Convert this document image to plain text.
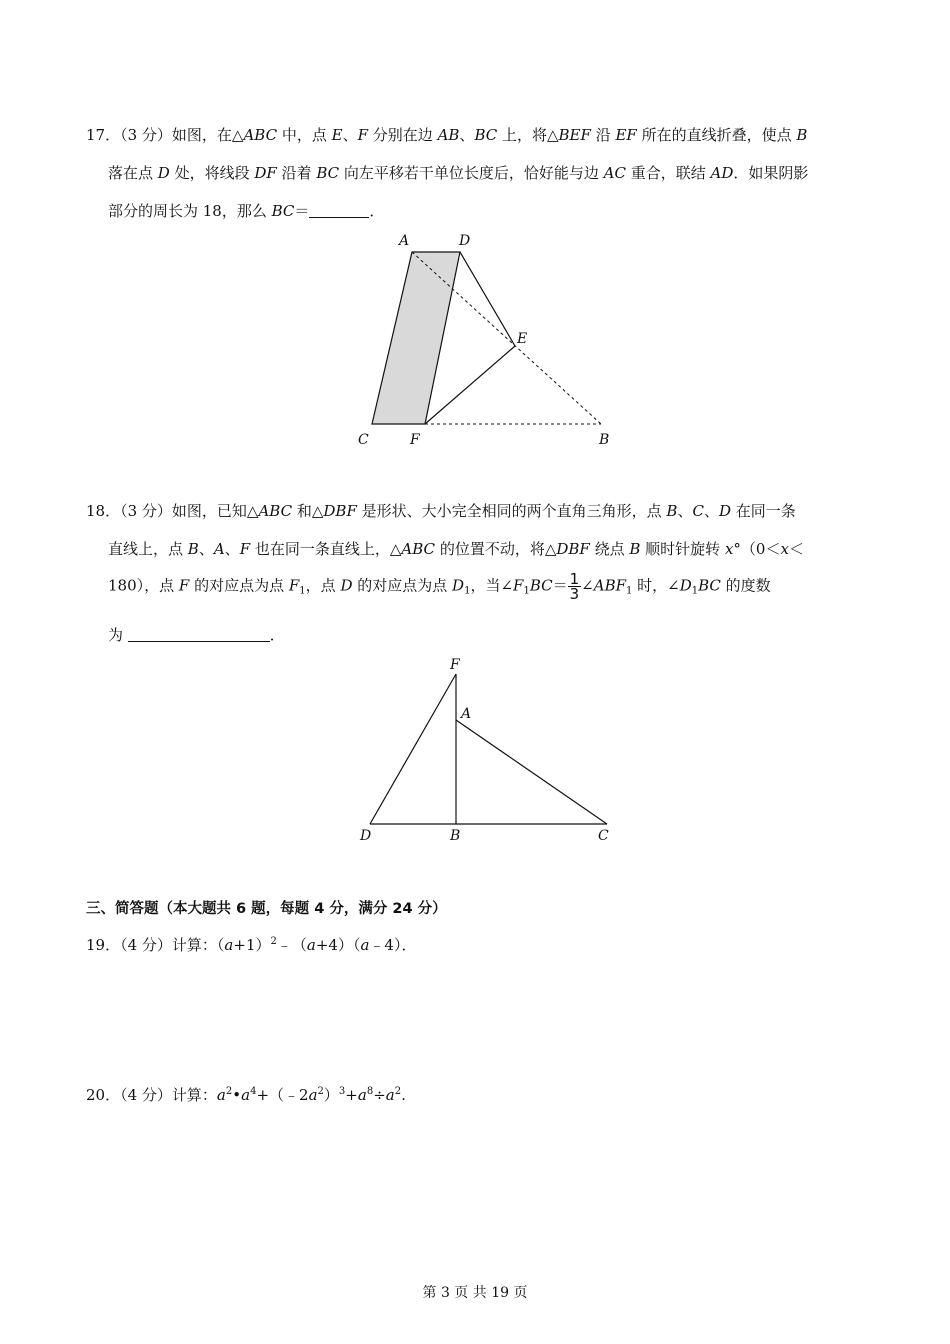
17．（3 分）如图，在△ABC 中，点 E、F 分别在边 AB、BC 上，将△BEF 沿 EF 所在的直线折叠，使点 B
落在点 D 处，将线段 DF 沿着 BC 向左平移若干单位长度后，恰好能与边 AC 重合，联结 AD．如果阴影
部分的周长为 18，那么 BC＝	．
A	D
E
C	F	B
18．（3 分）如图，已知△ABC 和△DBF 是形状、大小完全相同的两个直角三角形，点 B、C、D 在同一条
直线上，点 B、A、F 也在同一条直线上，△ABC 的位置不动，将△DBF 绕点 B 顺时针旋转 x°（0＜x＜
180），点 F 的对应点为点 $F_1$，点 D 的对应点为点 $D_1$，当$\angle F_1BC= \frac{1}{3}$ $\angle ABF_1$ 时，$\angle D_1BC$ 的度数
为	．
F
A
D	B	C
三、简答题（本大题共 6 题，每题 4 分，满分 24 分）
19．（4 分）计算：$(a+1)^2﹣(a+4)(a﹣4)$．
20．（4 分）计算：$a^2•a^4+(﹣2a^2)^3+a^8\div a^2$.
第 3 页 共 19 页
